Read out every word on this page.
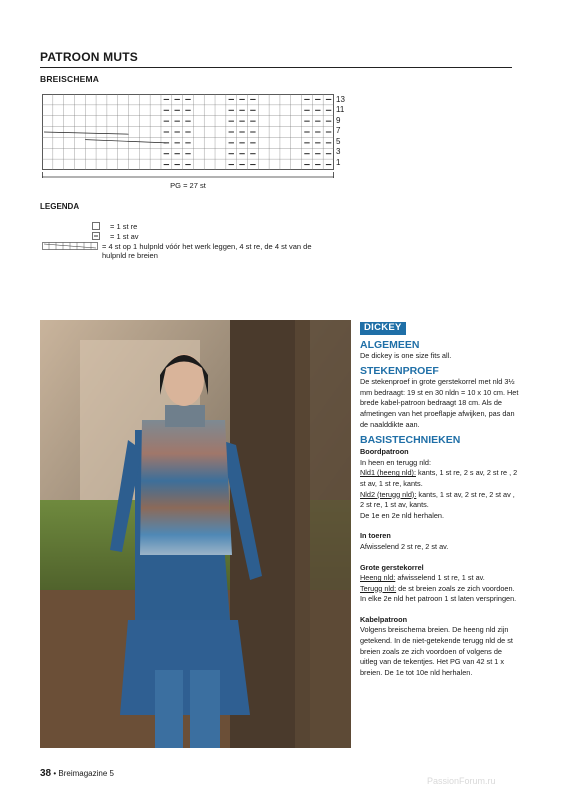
PATROON MUTS
BREISCHEMA
13
11
9
7
5
3
1
PG = 27 st
LEGENDA
= 1 st re
= 1 st av
= 4 st op 1 hulpnld vóór het werk leggen, 4 st re, de 4 st van de hulpnld re breien
DICKEY
ALGEMEEN

De dickey is one size fits all.

STEKENPROEF

De stekenproef in grote gerstekorrel met nld 3½ mm bedraagt: 19 st en 30 nldn = 10 x 10 cm. Het brede kabel-patroon bedraagt 18 cm. Als de afmetingen van het proeflapje afwijken, pas dan de naalddikte aan.

BASISTECHNIEKEN
Boordpatroon

In heen en terugg nld:

Nld1 (heeng nld): kants, 1 st re, 2 s av, 2 st re , 2 st av, 1 st re, kants.

Nld2 (terugg nld): kants, 1 st av, 2 st re, 2 st av , 2 st re, 1 st av, kants.

De 1e en 2e nld herhalen.

In toeren

Afwisselend 2 st re, 2 st av.

Grote gerstekorrel

Heeng nld: afwisselend 1 st re, 1 st av.

Terugg nld: de st breien zoals ze zich voordoen. In elke 2e nld het patroon 1 st laten verspringen.

Kabelpatroon

Volgens breischema breien. De heeng nld zijn getekend. In de niet-getekende terugg nld de st breien zoals ze zich voordoen of volgens de uitleg van de tekentjes. Het PG van 42 st 1 x breien. De 1e tot 10e nld herhalen.

38 • Breimagazine 5
PassionForum.ru
